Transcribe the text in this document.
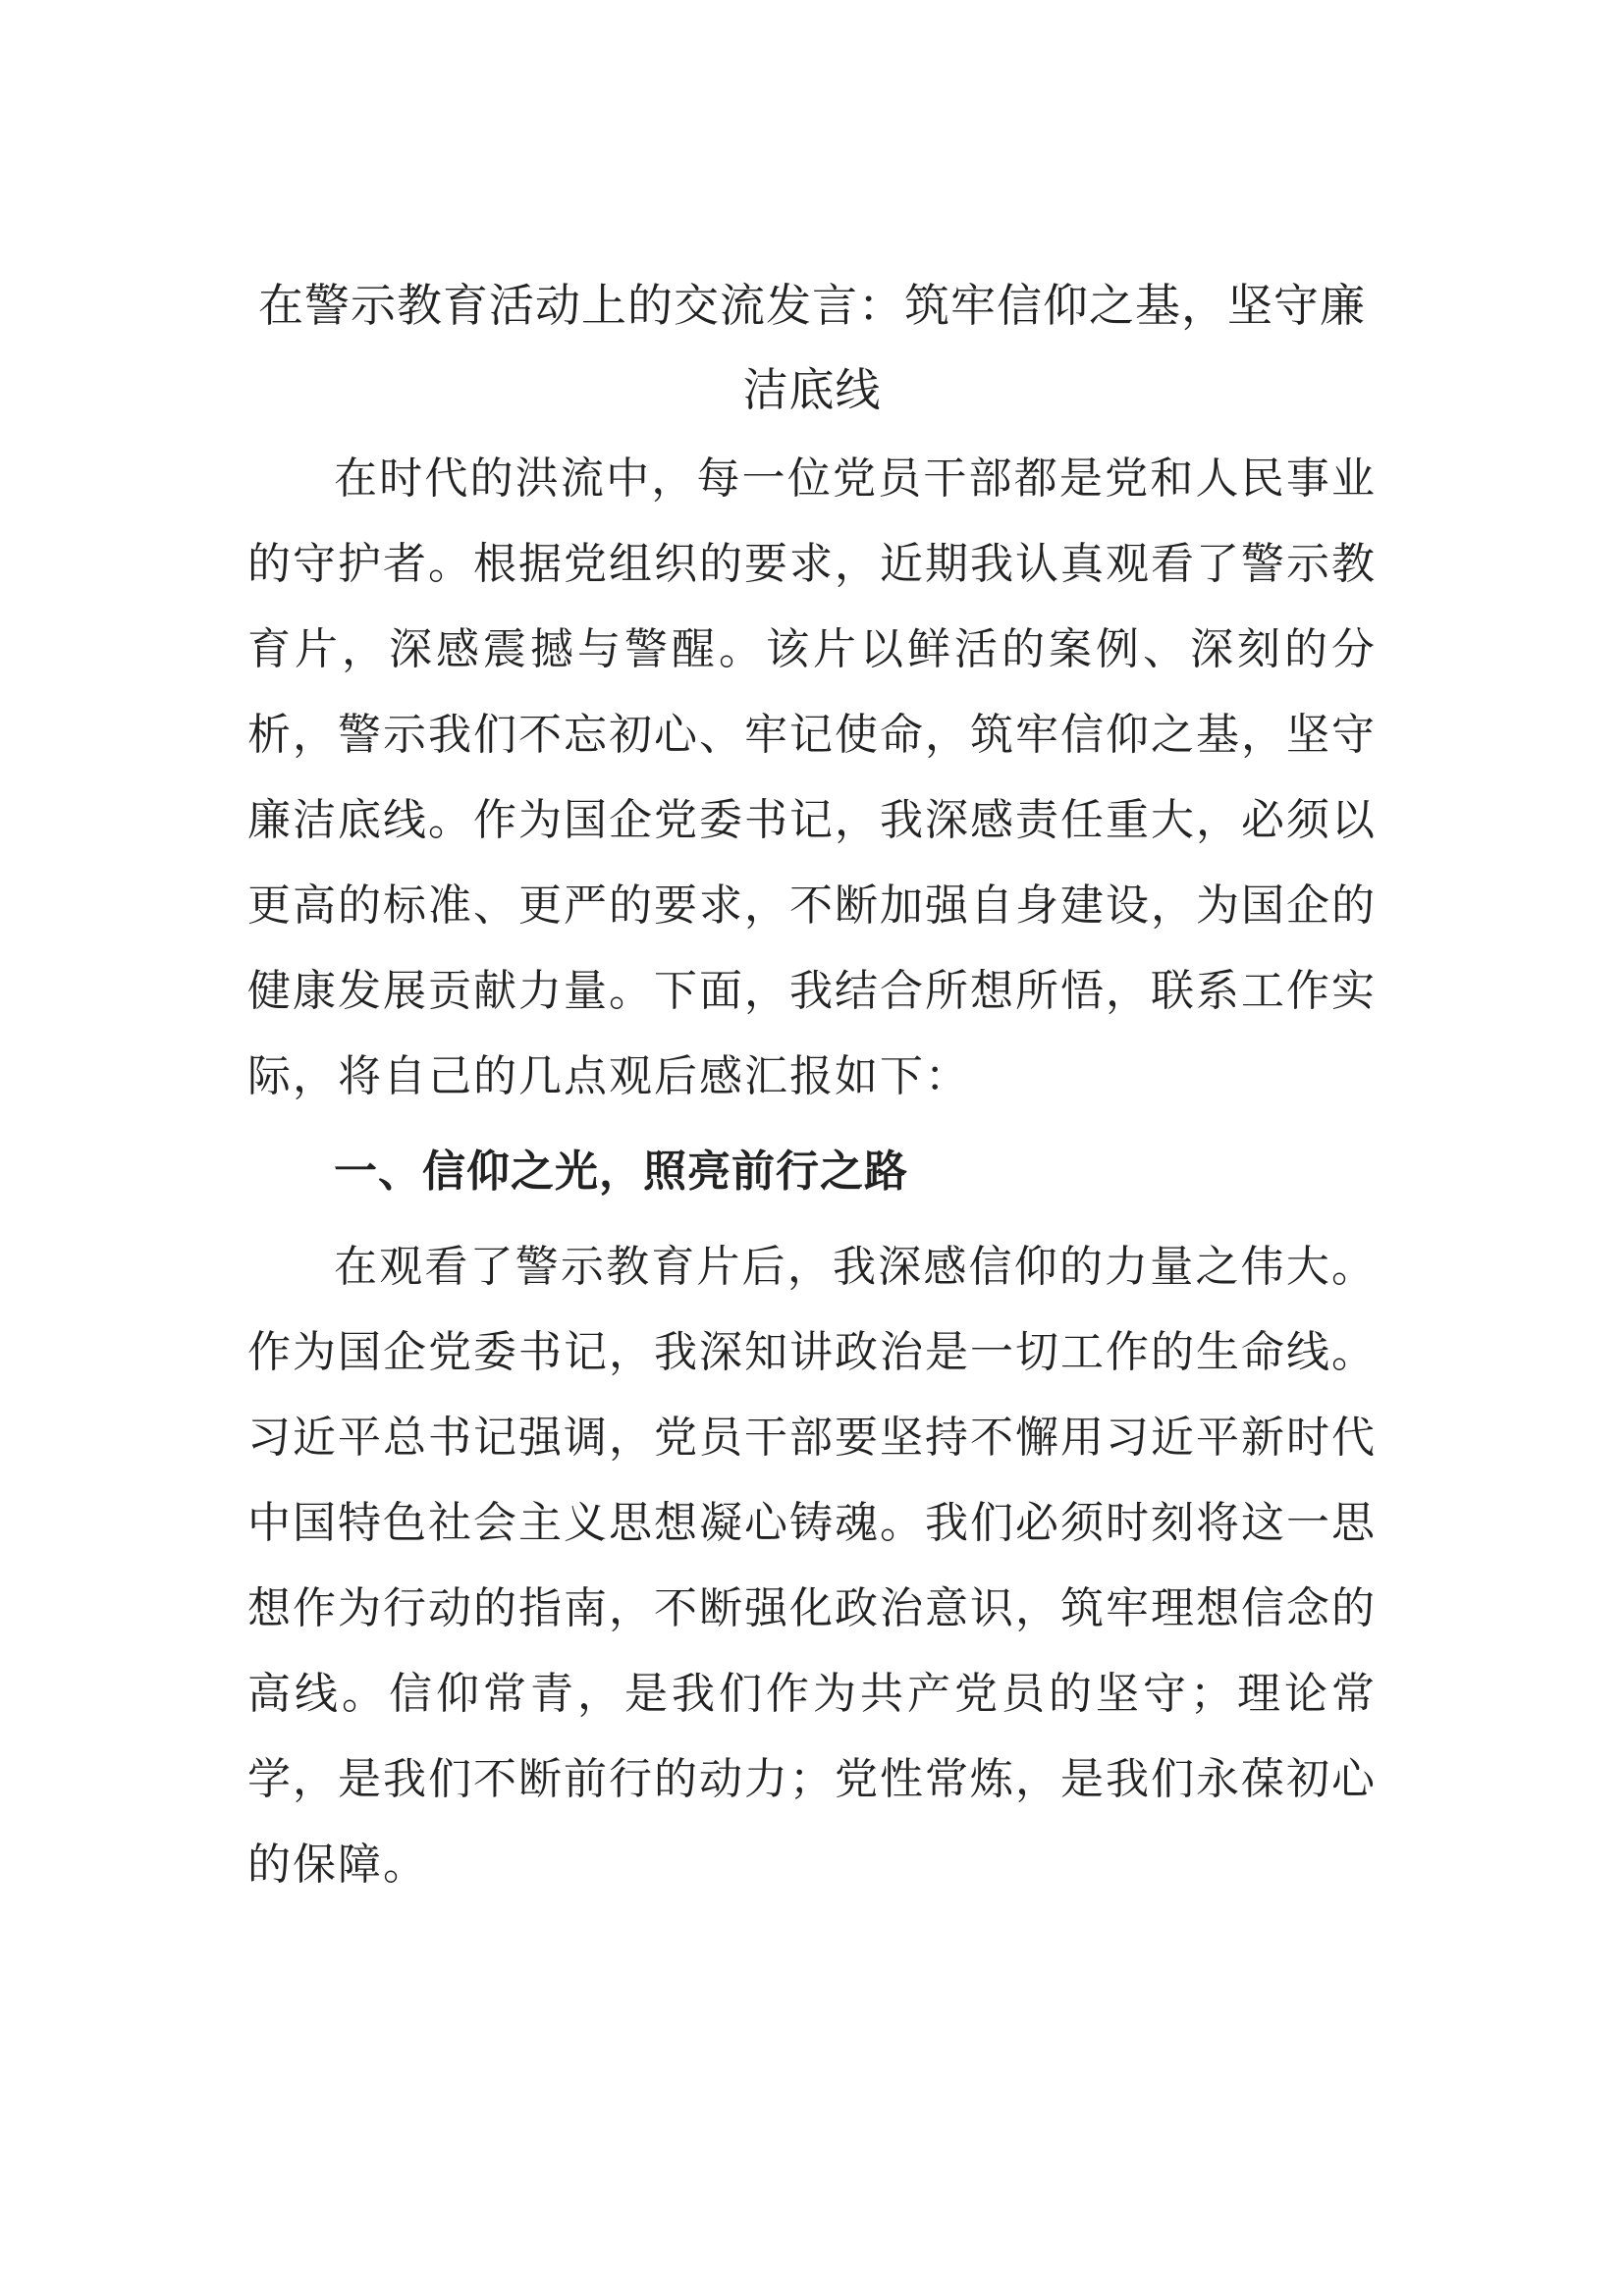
在警示教育活动上的交流发言：筑牢信仰之基，坚守廉洁底线

在时代的洪流中，每一位党员干部都是党和人民事业的守护者。根据党组织的要求，近期我认真观看了警示教育片，深感震撼与警醒。该片以鲜活的案例、深刻的分析，警示我们不忘初心、牢记使命，筑牢信仰之基，坚守廉洁底线。作为国企党委书记，我深感责任重大，必须以更高的标准、更严的要求，不断加强自身建设，为国企的健康发展贡献力量。下面，我结合所想所悟，联系工作实际，将自己的几点观后感汇报如下：

一、信仰之光，照亮前行之路

在观看了警示教育片后，我深感信仰的力量之伟大。作为国企党委书记，我深知讲政治是一切工作的生命线。习近平总书记强调，党员干部要坚持不懈用习近平新时代中国特色社会主义思想凝心铸魂。我们必须时刻将这一思想作为行动的指南，不断强化政治意识，筑牢理想信念的高线。信仰常青，是我们作为共产党员的坚守；理论常学，是我们不断前行的动力；党性常炼，是我们永葆初心的保障。
